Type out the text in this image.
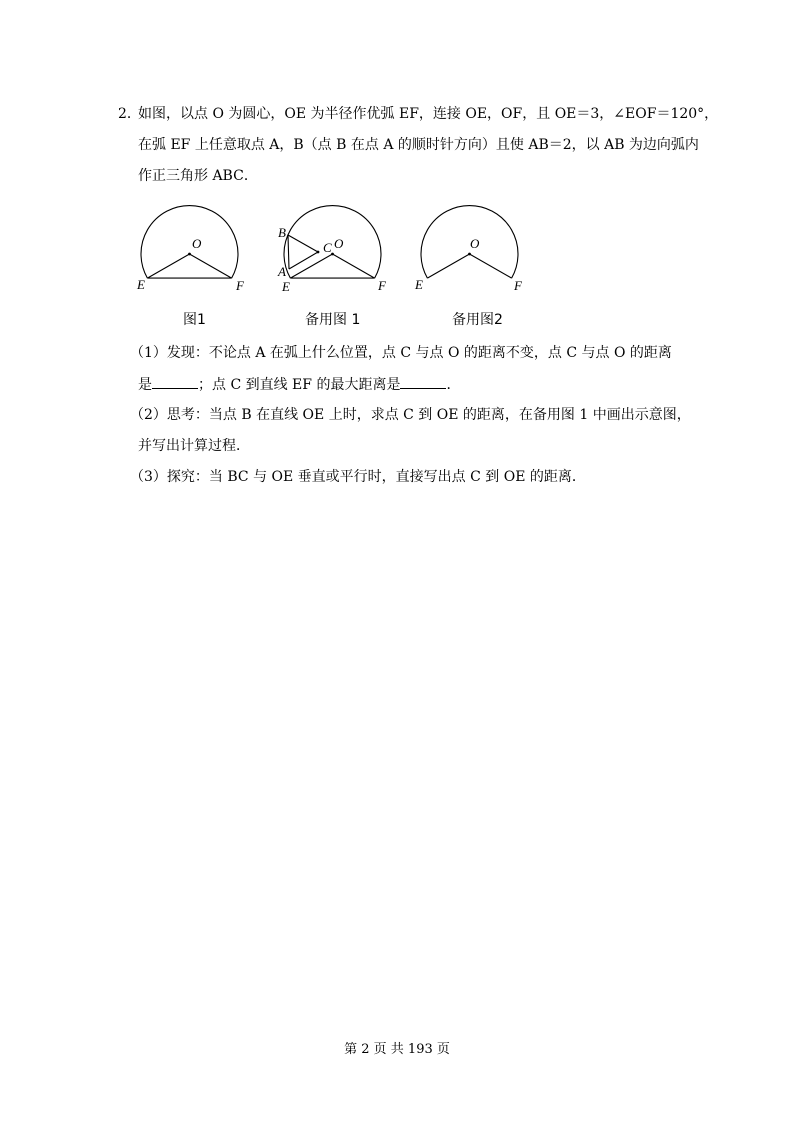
2．
如图，以点 O 为圆心，OE 为半径作优弧 EF，连接 OE，OF，且 OE＝3，∠EOF＝120°，
在弧 EF 上任意取点 A，B（点 B 在点 A 的顺时针方向）且使 AB＝2，以 AB 为边向弧内
作正三角形 ABC．
O
E	F
图1
O
C
B
A
E	F
备用图 1
O
E	F
备用图2
（1）发现：不论点 A 在弧上什么位置，点 C 与点 O 的距离不变，点 C 与点 O 的距离
是	；点 C 到直线 EF 的最大距离是	．
（2）思考：当点 B 在直线 OE 上时，求点 C 到 OE 的距离，在备用图 1 中画出示意图，
并写出计算过程．
（3）探究：当 BC 与 OE 垂直或平行时，直接写出点 C 到 OE 的距离．
第 2 页 共 193 页
